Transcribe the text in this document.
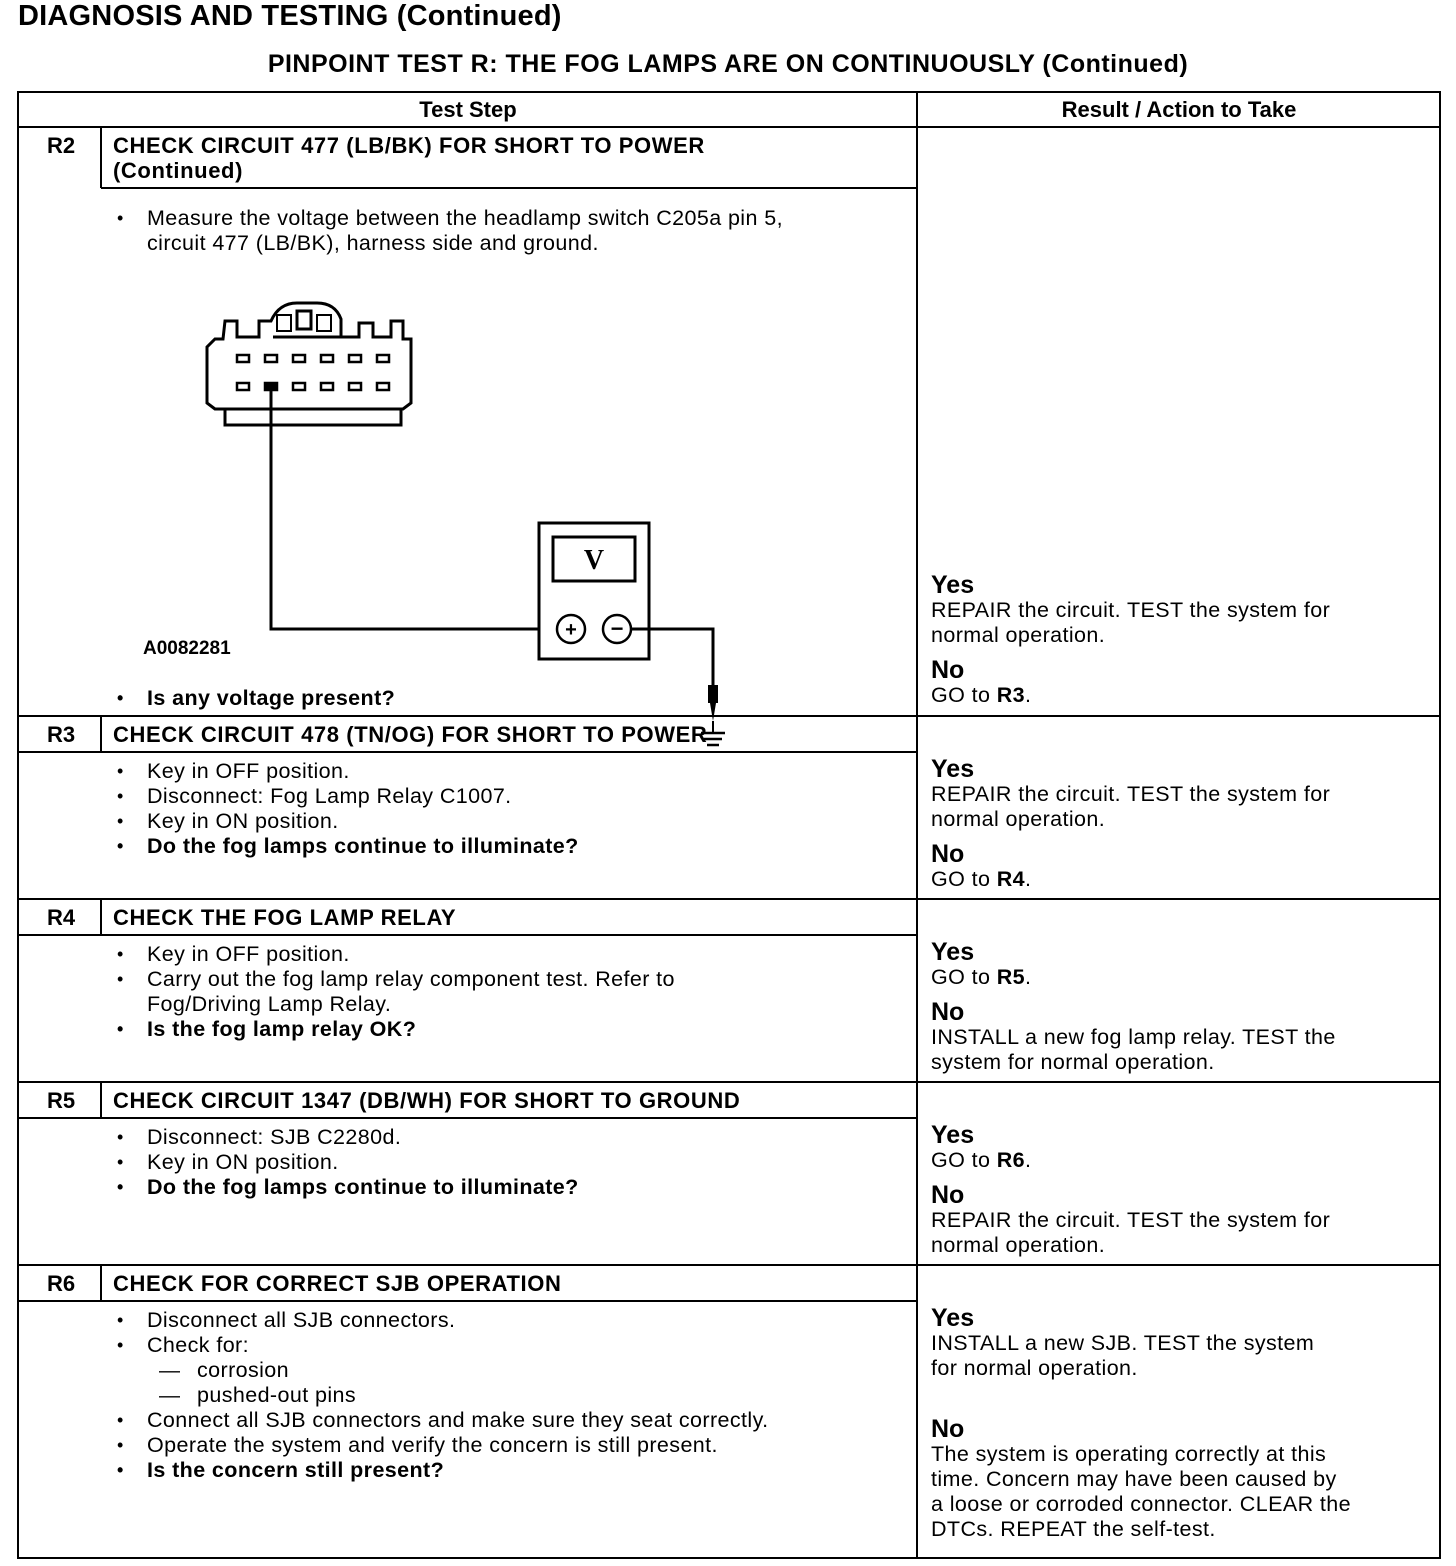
DIAGNOSIS AND TESTING (Continued)
PINPOINT TEST R: THE FOG LAMPS ARE ON CONTINUOUSLY (Continued)
Test Step	Result / Action to Take
R2	CHECK CIRCUIT 477 (LB/BK) FOR SHORT TO POWER
(Continued)
• Measure the voltage between the headlamp switch C205a pin 5,
circuit 477 (LB/BK), harness side and ground.
V
+ −
A0082281
• Is any voltage present?
Yes
REPAIR the circuit. TEST the system for
normal operation.
No
GO to R3.
R3	CHECK CIRCUIT 478 (TN/OG) FOR SHORT TO POWER
• Key in OFF position.
• Disconnect: Fog Lamp Relay C1007.
• Key in ON position.
• Do the fog lamps continue to illuminate?
Yes
REPAIR the circuit. TEST the system for
normal operation.
No
GO to R4.
R4	CHECK THE FOG LAMP RELAY
• Key in OFF position.
• Carry out the fog lamp relay component test. Refer to
Fog/Driving Lamp Relay.
• Is the fog lamp relay OK?
Yes
GO to R5.
No
INSTALL a new fog lamp relay. TEST the
system for normal operation.
R5	CHECK CIRCUIT 1347 (DB/WH) FOR SHORT TO GROUND
• Disconnect: SJB C2280d.
• Key in ON position.
• Do the fog lamps continue to illuminate?
Yes
GO to R6.
No
REPAIR the circuit. TEST the system for
normal operation.
R6	CHECK FOR CORRECT SJB OPERATION
• Disconnect all SJB connectors.
• Check for:
— corrosion
— pushed-out pins
• Connect all SJB connectors and make sure they seat correctly.
• Operate the system and verify the concern is still present.
• Is the concern still present?
Yes
INSTALL a new SJB. TEST the system
for normal operation.
No
The system is operating correctly at this
time. Concern may have been caused by
a loose or corroded connector. CLEAR the
DTCs. REPEAT the self-test.
